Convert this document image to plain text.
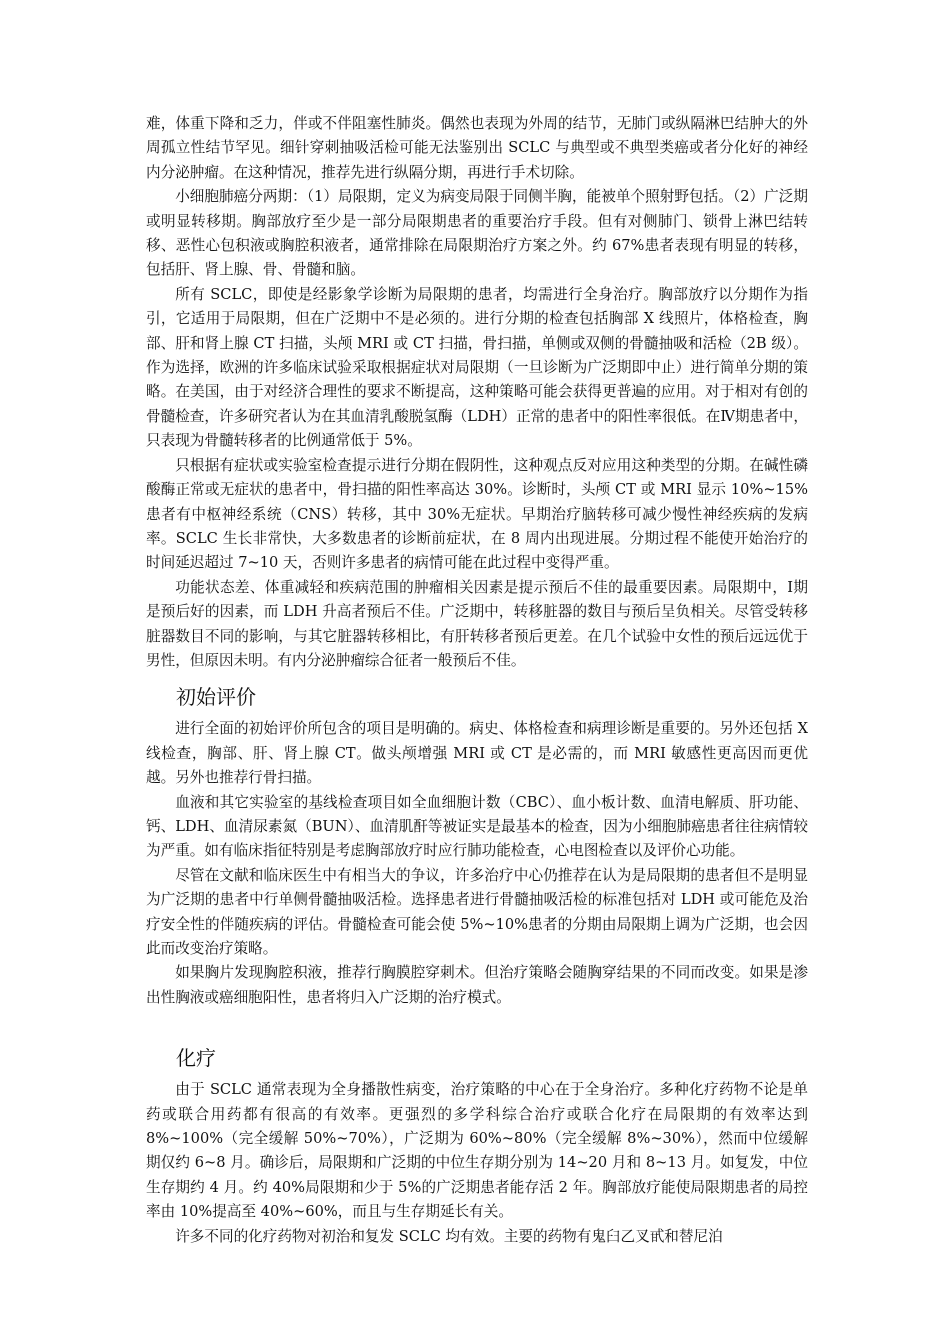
难，体重下降和乏力，伴或不伴阻塞性肺炎。偶然也表现为外周的结节，无肺门或纵隔淋巴结肿大的外周孤立性结节罕见。细针穿刺抽吸活检可能无法鉴别出 SCLC 与典型或不典型类癌或者分化好的神经内分泌肿瘤。在这种情况，推荐先进行纵隔分期，再进行手术切除。

小细胞肺癌分两期：（1）局限期，定义为病变局限于同侧半胸，能被单个照射野包括。（2）广泛期或明显转移期。胸部放疗至少是一部分局限期患者的重要治疗手段。但有对侧肺门、锁骨上淋巴结转移、恶性心包积液或胸腔积液者，通常排除在局限期治疗方案之外。约 67%患者表现有明显的转移，包括肝、肾上腺、骨、骨髓和脑。

所有 SCLC，即使是经影象学诊断为局限期的患者，均需进行全身治疗。胸部放疗以分期作为指引，它适用于局限期，但在广泛期中不是必须的。进行分期的检查包括胸部 X 线照片，体格检查，胸部、肝和肾上腺 CT 扫描，头颅 MRI 或 CT 扫描，骨扫描，单侧或双侧的骨髓抽吸和活检（2B 级）。作为选择，欧洲的许多临床试验采取根据症状对局限期（一旦诊断为广泛期即中止）进行简单分期的策略。在美国，由于对经济合理性的要求不断提高，这种策略可能会获得更普遍的应用。对于相对有创的骨髓检查，许多研究者认为在其血清乳酸脱氢酶（LDH）正常的患者中的阳性率很低。在Ⅳ期患者中，只表现为骨髓转移者的比例通常低于 5%。

只根据有症状或实验室检查提示进行分期在假阴性，这种观点反对应用这种类型的分期。在碱性磷酸酶正常或无症状的患者中，骨扫描的阳性率高达 30%。诊断时，头颅 CT 或 MRI 显示 10%~15%患者有中枢神经系统（CNS）转移，其中 30%无症状。早期治疗脑转移可减少慢性神经疾病的发病率。SCLC 生长非常快，大多数患者的诊断前症状，在 8 周内出现进展。分期过程不能使开始治疗的时间延迟超过 7~10 天，否则许多患者的病情可能在此过程中变得严重。

功能状态差、体重减轻和疾病范围的肿瘤相关因素是提示预后不佳的最重要因素。局限期中，Ⅰ期是预后好的因素，而 LDH 升高者预后不佳。广泛期中，转移脏器的数目与预后呈负相关。尽管受转移脏器数目不同的影响，与其它脏器转移相比，有肝转移者预后更差。在几个试验中女性的预后远远优于男性，但原因未明。有内分泌肿瘤综合征者一般预后不佳。

初始评价

进行全面的初始评价所包含的项目是明确的。病史、体格检查和病理诊断是重要的。另外还包括 X 线检查，胸部、肝、肾上腺 CT。做头颅增强 MRI 或 CT 是必需的，而 MRI 敏感性更高因而更优越。另外也推荐行骨扫描。

血液和其它实验室的基线检查项目如全血细胞计数（CBC）、血小板计数、血清电解质、肝功能、钙、LDH、血清尿素氮（BUN）、血清肌酐等被证实是最基本的检查，因为小细胞肺癌患者往往病情较为严重。如有临床指征特别是考虑胸部放疗时应行肺功能检查，心电图检查以及评价心功能。

尽管在文献和临床医生中有相当大的争议，许多治疗中心仍推荐在认为是局限期的患者但不是明显为广泛期的患者中行单侧骨髓抽吸活检。选择患者进行骨髓抽吸活检的标准包括对 LDH 或可能危及治疗安全性的伴随疾病的评估。骨髓检查可能会使 5%~10%患者的分期由局限期上调为广泛期，也会因此而改变治疗策略。

如果胸片发现胸腔积液，推荐行胸膜腔穿刺术。但治疗策略会随胸穿结果的不同而改变。如果是渗出性胸液或癌细胞阳性，患者将归入广泛期的治疗模式。

化疗

由于 SCLC 通常表现为全身播散性病变，治疗策略的中心在于全身治疗。多种化疗药物不论是单药或联合用药都有很高的有效率。更强烈的多学科综合治疗或联合化疗在局限期的有效率达到 8%~100%（完全缓解 50%~70%），广泛期为 60%~80%（完全缓解 8%~30%），然而中位缓解期仅约 6~8 月。确诊后，局限期和广泛期的中位生存期分别为 14~20 月和 8~13 月。如复发，中位生存期约 4 月。约 40%局限期和少于 5%的广泛期患者能存活 2 年。胸部放疗能使局限期患者的局控率由 10%提高至 40%~60%，而且与生存期延长有关。

许多不同的化疗药物对初治和复发 SCLC 均有效。主要的药物有鬼臼乙叉甙和替尼泊
